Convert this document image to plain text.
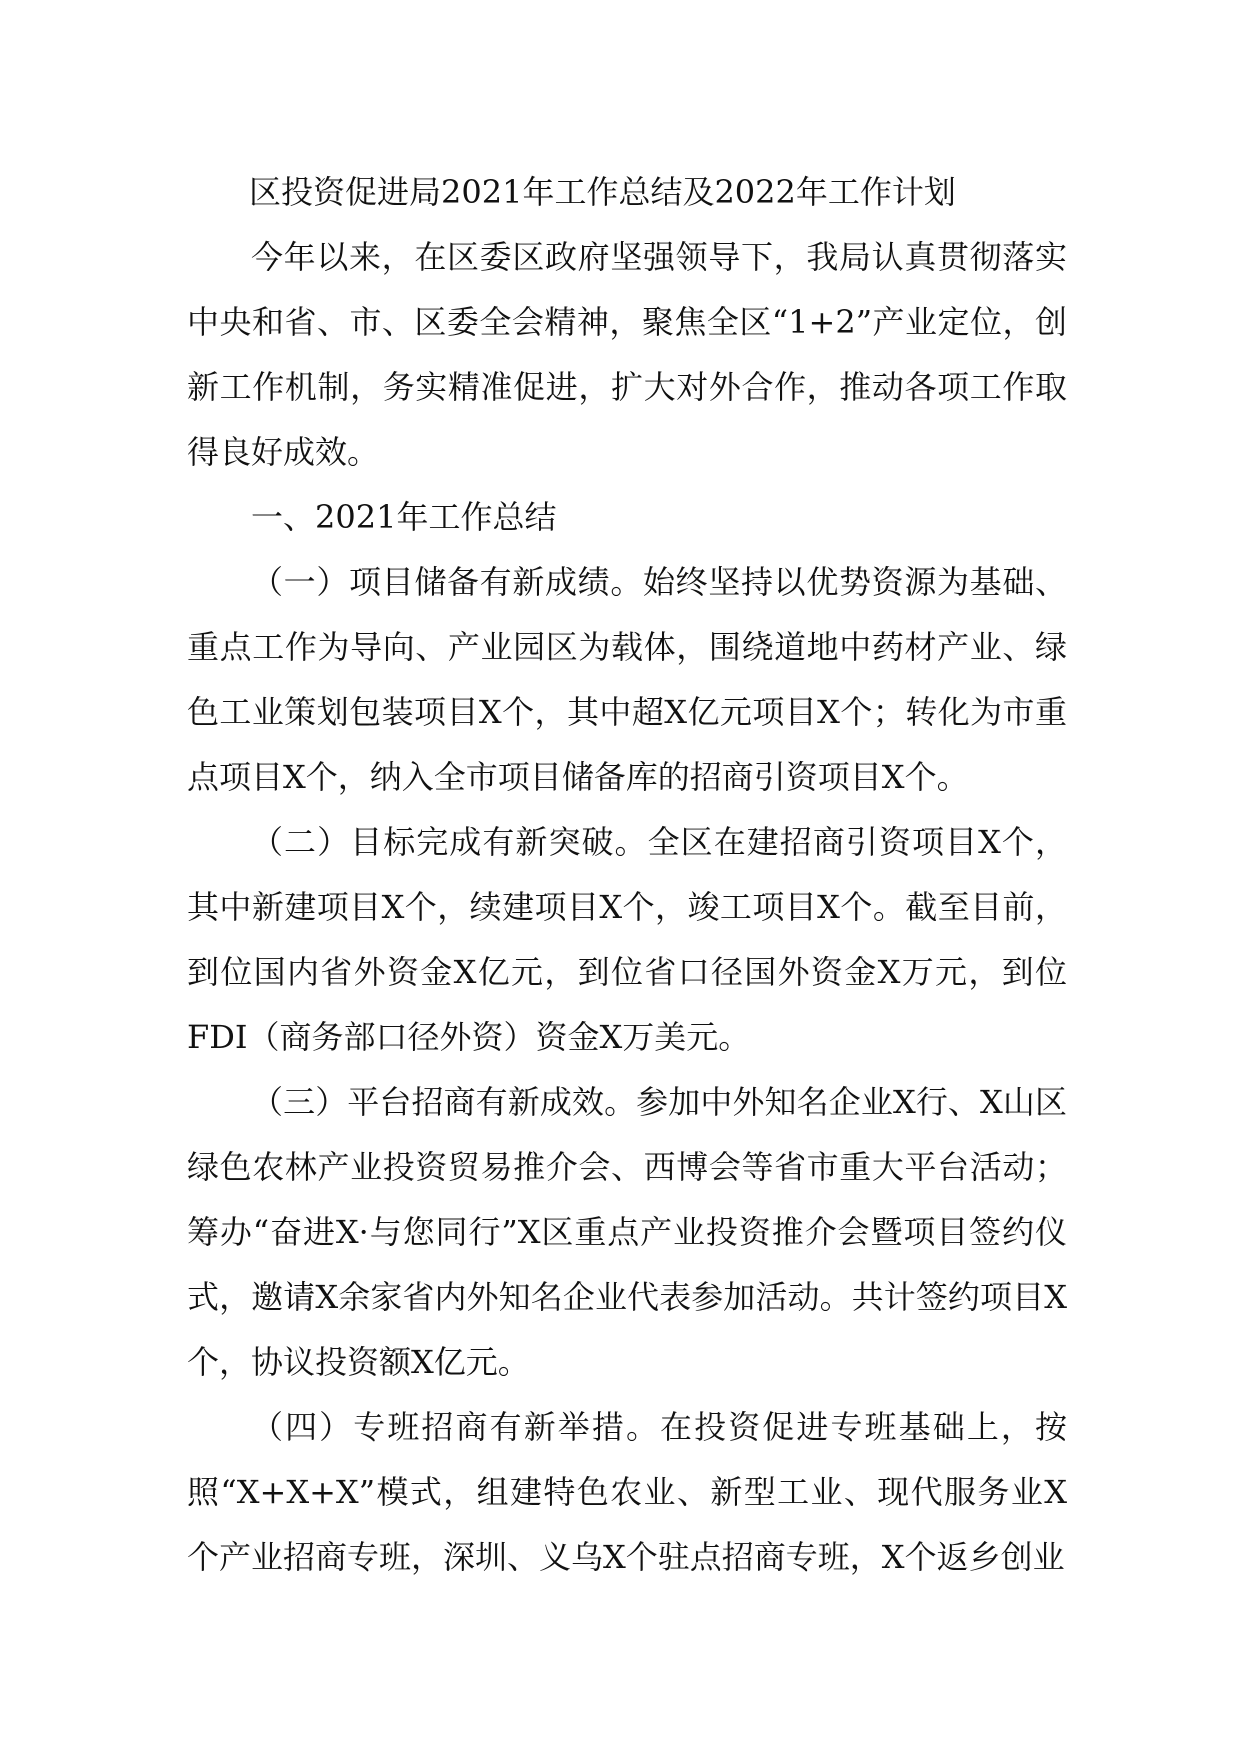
区投资促进局2021年工作总结及2022年工作计划

今年以来，在区委区政府坚强领导下，我局认真贯彻落实中央和省、市、区委全会精神，聚焦全区“1+2”产业定位，创新工作机制，务实精准促进，扩大对外合作，推动各项工作取得良好成效。

一、2021年工作总结

（一）项目储备有新成绩。始终坚持以优势资源为基础、重点工作为导向、产业园区为载体，围绕道地中药材产业、绿色工业策划包装项目X个，其中超X亿元项目X个；转化为市重点项目X个，纳入全市项目储备库的招商引资项目X个。

（二）目标完成有新突破。全区在建招商引资项目X个，其中新建项目X个，续建项目X个，竣工项目X个。截至目前，到位国内省外资金X亿元，到位省口径国外资金X万元，到位FDI（商务部口径外资）资金X万美元。

（三）平台招商有新成效。参加中外知名企业X行、X山区绿色农林产业投资贸易推介会、西博会等省市重大平台活动；筹办“奋进X·与您同行”X区重点产业投资推介会暨项目签约仪式，邀请X余家省内外知名企业代表参加活动。共计签约项目X个，协议投资额X亿元。

（四）专班招商有新举措。在投资促进专班基础上，按照“X+X+X”模式，组建特色农业、新型工业、现代服务业X个产业招商专班，深圳、义乌X个驻点招商专班，X个返乡创业
